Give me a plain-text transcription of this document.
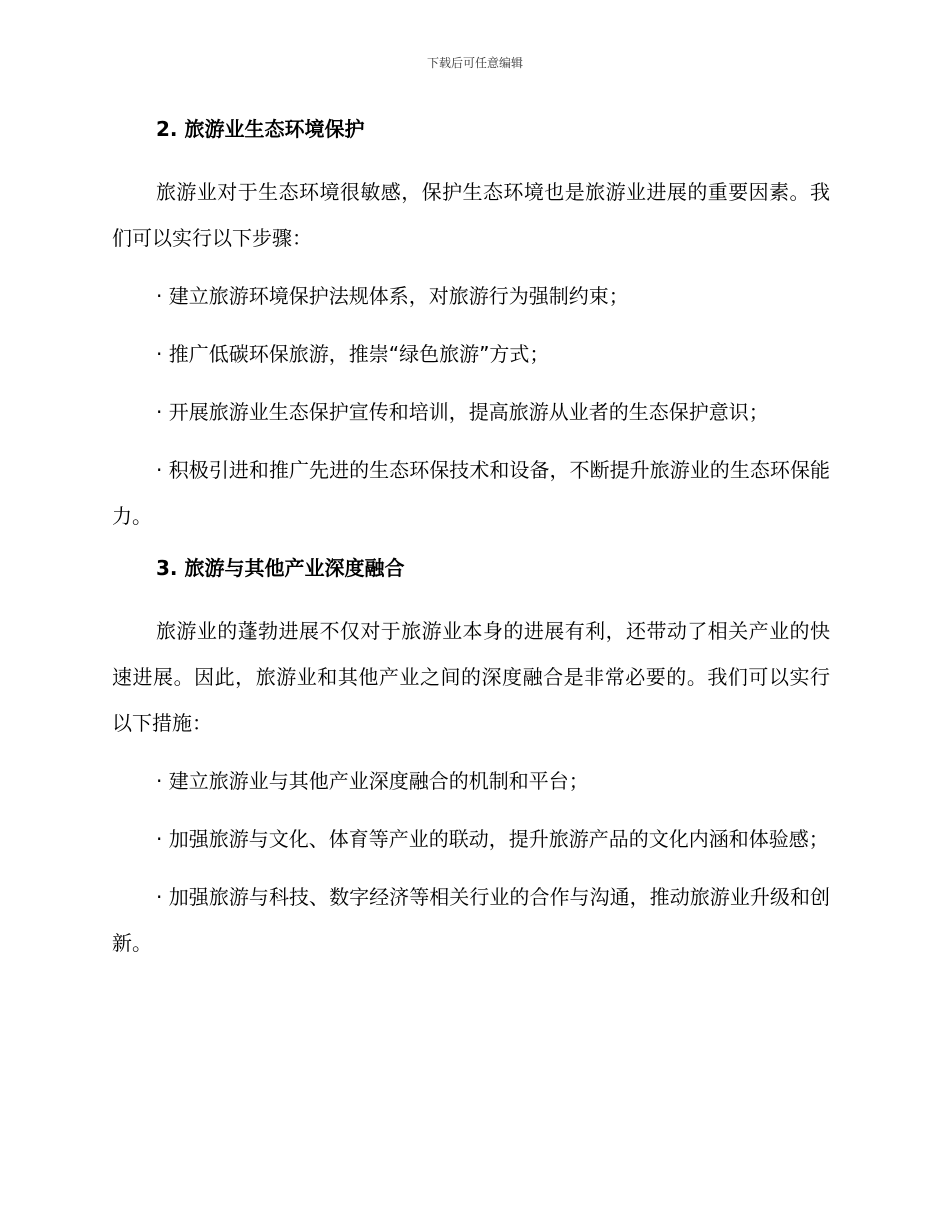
下载后可任意编辑
2. 旅游业生态环境保护

旅游业对于生态环境很敏感，保护生态环境也是旅游业进展的重要因素。我们可以实行以下步骤：

· 建立旅游环境保护法规体系，对旅游行为强制约束；

· 推广低碳环保旅游，推崇“绿色旅游”方式；

· 开展旅游业生态保护宣传和培训，提高旅游从业者的生态保护意识；

· 积极引进和推广先进的生态环保技术和设备，不断提升旅游业的生态环保能力。

3. 旅游与其他产业深度融合

旅游业的蓬勃进展不仅对于旅游业本身的进展有利，还带动了相关产业的快速进展。因此，旅游业和其他产业之间的深度融合是非常必要的。我们可以实行以下措施：

· 建立旅游业与其他产业深度融合的机制和平台；

· 加强旅游与文化、体育等产业的联动，提升旅游产品的文化内涵和体验感；

· 加强旅游与科技、数字经济等相关行业的合作与沟通，推动旅游业升级和创新。
